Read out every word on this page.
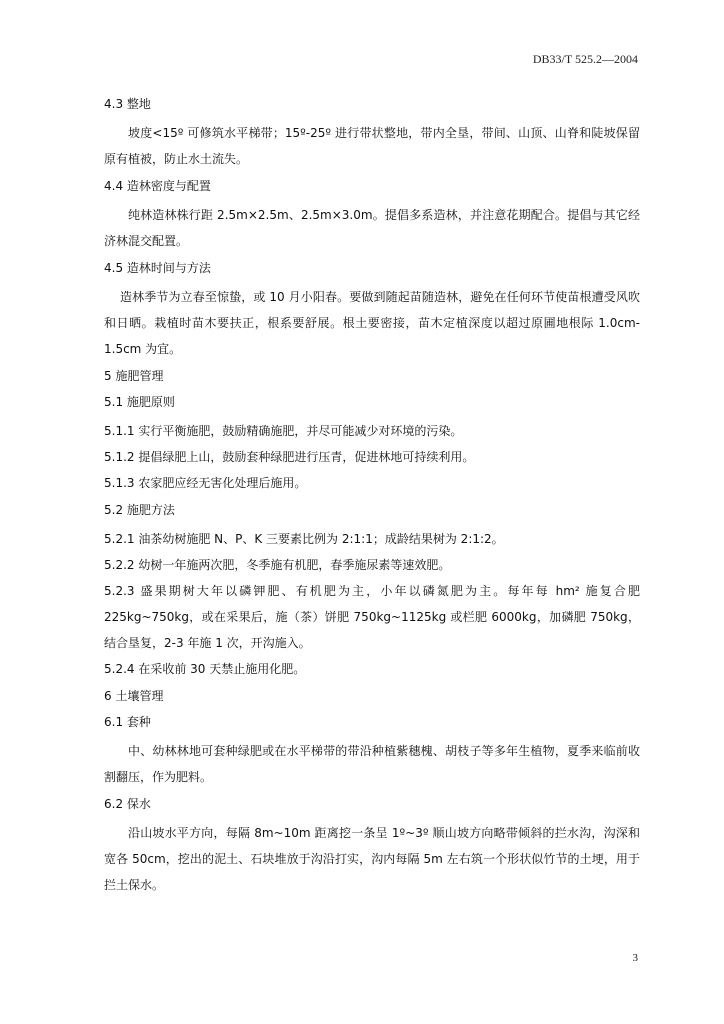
DB33/T 525.2—2004
4.3 整地

坡度<15º 可修筑水平梯带；15º-25º 进行带状整地，带内全垦，带间、山顶、山脊和陡坡保留原有植被，防止水土流失。

4.4 造林密度与配置

纯林造林株行距 2.5m×2.5m、2.5m×3.0m。提倡多系造林，并注意花期配合。提倡与其它经济林混交配置。

4.5 造林时间与方法

造林季节为立春至惊蛰，或 10 月小阳春。要做到随起苗随造林，避免在任何环节使苗根遭受风吹和日晒。栽植时苗木要扶正，根系要舒展。根土要密接，苗木定植深度以超过原圃地根际 1.0cm-1.5cm 为宜。

5 施肥管理
5.1 施肥原则

5.1.1 实行平衡施肥，鼓励精确施肥，并尽可能减少对环境的污染。

5.1.2 提倡绿肥上山，鼓励套种绿肥进行压青，促进林地可持续利用。

5.1.3 农家肥应经无害化处理后施用。

5.2 施肥方法

5.2.1 油茶幼树施肥 N、P、K 三要素比例为 2:1:1；成龄结果树为 2:1:2。

5.2.2 幼树一年施两次肥，冬季施有机肥，春季施尿素等速效肥。

5.2.3 盛果期树大年以磷钾肥、有机肥为主，小年以磷氮肥为主。每年每 hm² 施复合肥 225kg~750kg，或在采果后，施（茶）饼肥 750kg~1125kg 或栏肥 6000kg，加磷肥 750kg，结合垦复，2-3 年施 1 次，开沟施入。

5.2.4 在采收前 30 天禁止施用化肥。

6 土壤管理
6.1 套种

中、幼林林地可套种绿肥或在水平梯带的带沿种植紫穗槐、胡枝子等多年生植物，夏季来临前收割翻压，作为肥料。

6.2 保水

沿山坡水平方向，每隔 8m~10m 距离挖一条呈 1º~3º 顺山坡方向略带倾斜的拦水沟，沟深和宽各 50cm，挖出的泥土、石块堆放于沟沿打实，沟内每隔 5m 左右筑一个形状似竹节的土埂，用于拦土保水。

3
